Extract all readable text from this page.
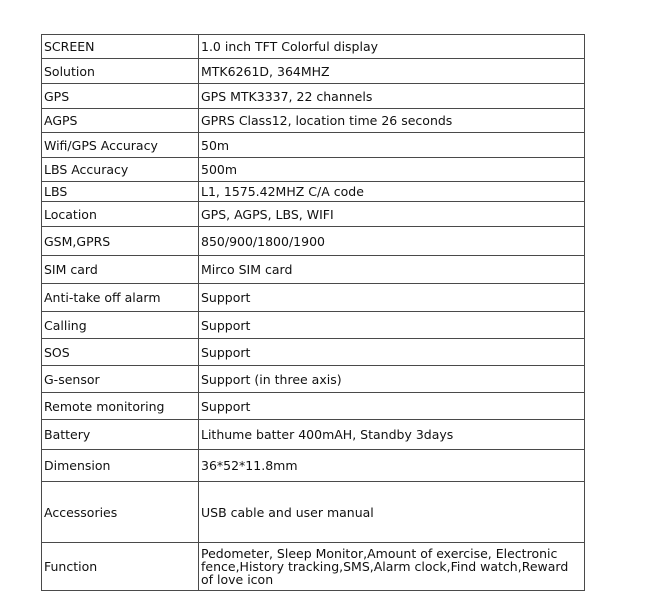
SCREEN	1.0 inch TFT Colorful display
Solution	MTK6261D, 364MHZ
GPS	GPS MTK3337, 22 channels
AGPS	GPRS Class12, location time 26 seconds
Wifi/GPS Accuracy	50m
LBS Accuracy	500m
LBS	L1, 1575.42MHZ C/A code
Location	GPS, AGPS, LBS, WIFI
GSM,GPRS	850/900/1800/1900
SIM card	Mirco SIM card
Anti-take off alarm	Support
Calling	Support
SOS	Support
G-sensor	Support (in three axis)
Remote monitoring	Support
Battery	Lithume batter 400mAH, Standby 3days
Dimension	36*52*11.8mm
Accessories	USB cable and user manual
Function	Pedometer, Sleep Monitor,Amount of exercise, Electronic fence,History tracking,SMS,Alarm clock,Find watch,Reward of love icon
